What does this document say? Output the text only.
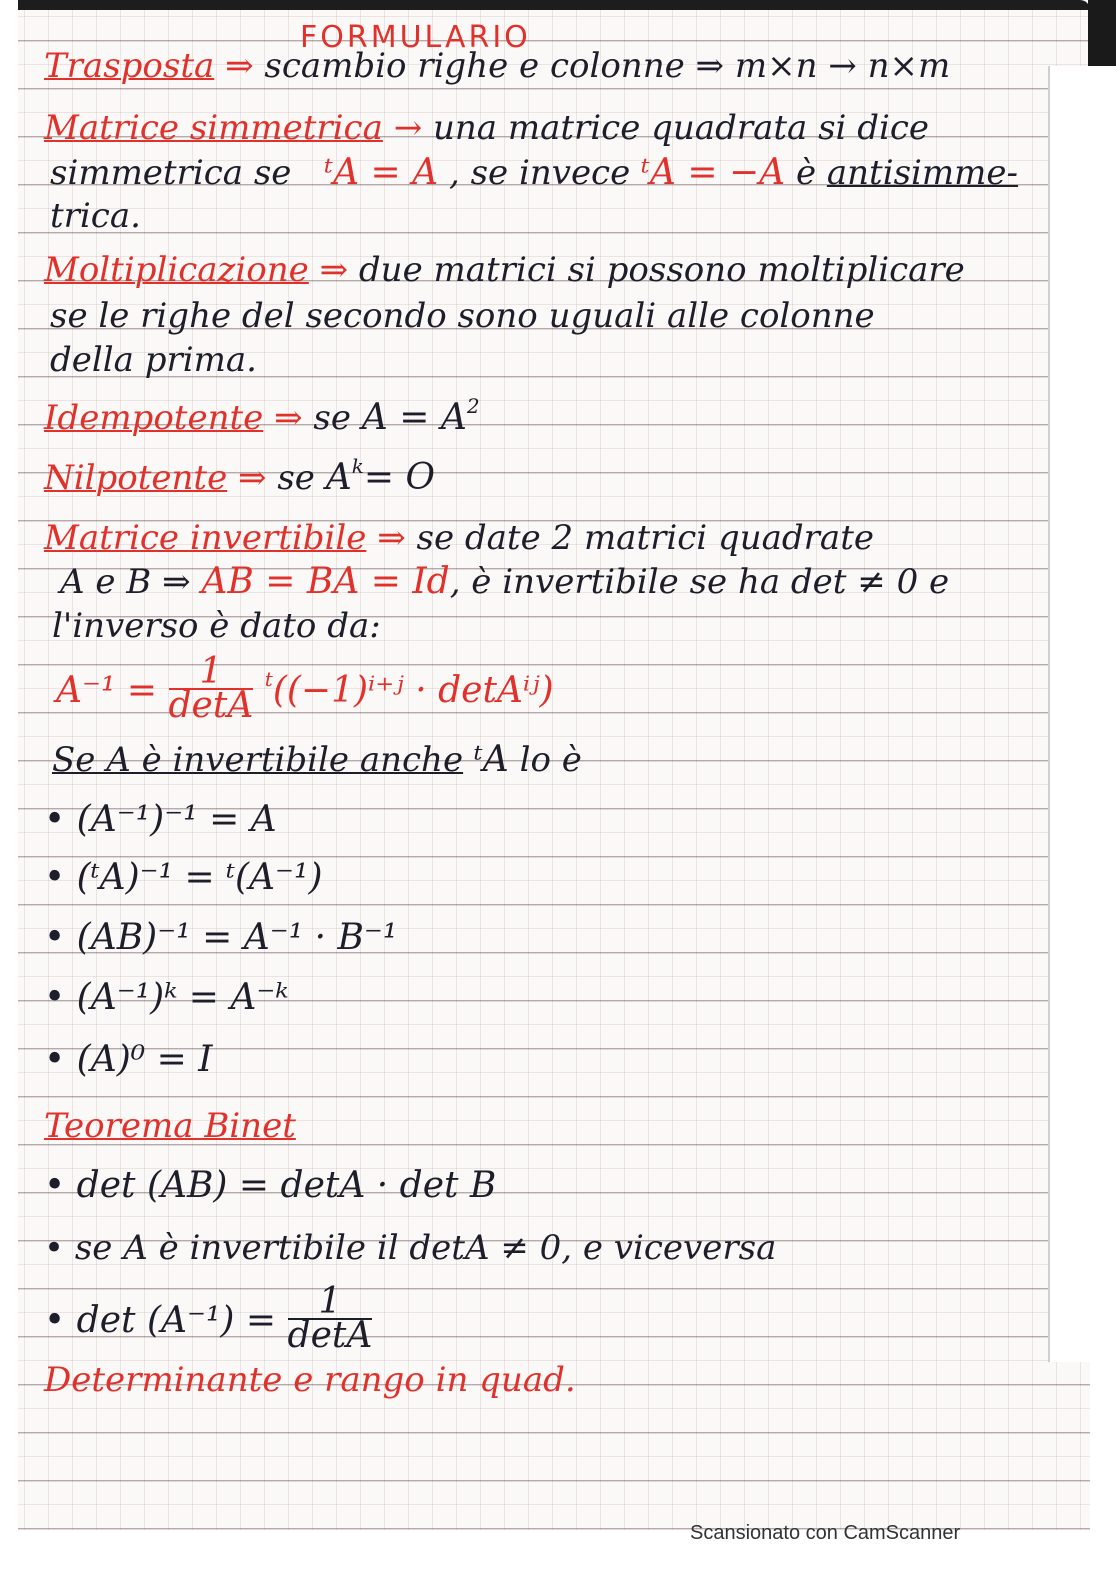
FORMULARIO
Trasposta ⇒ scambio righe e colonne ⇒ m×n → n×m
Matrice simmetrica → una matrice quadrata si dice
simmetrica se ᵗA = A , se invece ᵗA = −A è antisimme-
trica.
Moltiplicazione ⇒ due matrici si possono moltiplicare
se le righe del secondo sono uguali alle colonne
della prima.
Idempotente ⇒ se $A = A^2$
Nilpotente ⇒ se $A^k= O$
Matrice invertibile ⇒ se date 2 matrici quadrate
A e B ⇒ AB = BA = Id, è invertibile se ha det ≠ 0 e
l'inverso è dato da:
$A^{-1} = \frac{1}{\det A}$ $^t$((−1)ⁱ⁺ʲ · detAⁱʲ)
Se A è invertibile anche ᵗA lo è
• (A⁻¹)⁻¹ = A
• (ᵗA)⁻¹ = ᵗ(A⁻¹)
• (AB)⁻¹ = A⁻¹ · B⁻¹
• (A⁻¹)ᵏ = A⁻ᵏ
• (A)⁰ = I
Teorema Binet
• det (AB) = detA · det B
• se A è invertibile il detA ≠ 0, e viceversa
• $\det (A^{-1}) = \frac{1}{\det A}$
Determinante e rango in quad.
Scansionato con CamScanner
